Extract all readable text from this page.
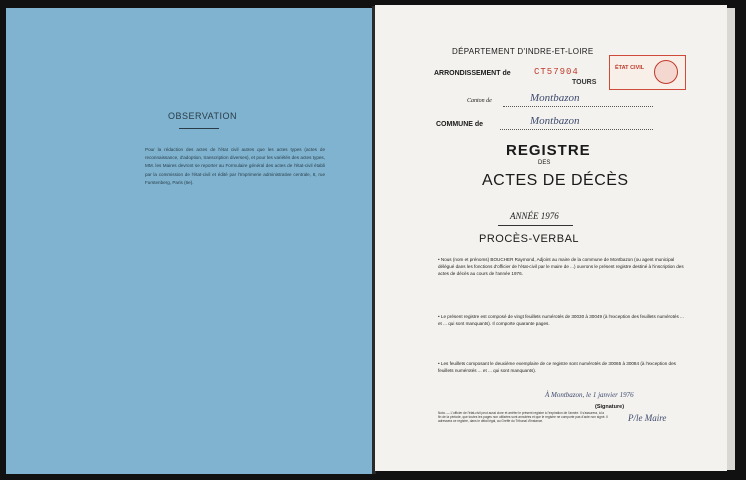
OBSERVATION
Pour la rédaction des actes de l'état civil autres que les actes types (actes de reconnaissance, d'adoption, transcription diverses), et pour les variétés des actes types, MM. les Maires devront se reporter au Formulaire général des actes de l'état-civil établi par la commission de l'état-civil et édité par l'Imprimerie administrative centrale, 8, rue Furstenberg, Paris (6e).
DÉPARTEMENT D'INDRE-ET-LOIRE
ARRONDISSEMENT de	CT57904
TOURS
ÉTAT CIVIL
Canton de	Montbazon
COMMUNE de	Montbazon
REGISTRE
DES
ACTES DE DÉCÈS
ANNÉE 1976
PROCÈS-VERBAL
• Nous (nom et prénoms) BOUCHER Raymond, Adjoint au maire de la commune de Montbazon (ou agent municipal délégué dans les fonctions d'officier de l'état-civil par le maire de ...) ouvrons le présent registre destiné à l'inscription des actes de décès au cours de l'année 1976.
• Le présent registre est composé de vingt feuillets numérotés de 30030 à 30049 (à l'exception des feuillets numérotés ... et ... qui sont manquants). Il comporte quarante pages.
• Les feuillets composant le deuxième exemplaire de ce registre sont numérotés de 30065 à 30084 (à l'exception des feuillets numérotés ... et ... qui sont manquants).
À Montbazon, le 1 janvier 1976
(Signature)
P/le Maire
Nota. — L'officier de l'état-civil peut aussi clore et arrêter le présent registre à l'expiration de l'année. Il s'assurera, à la fin de la période, que toutes les pages non utilisées sont annulées et que le registre ne comporte pas d'acte non signé. Il adressera ce registre, dans le délai légal, au Greffe du Tribunal d'Instance.
